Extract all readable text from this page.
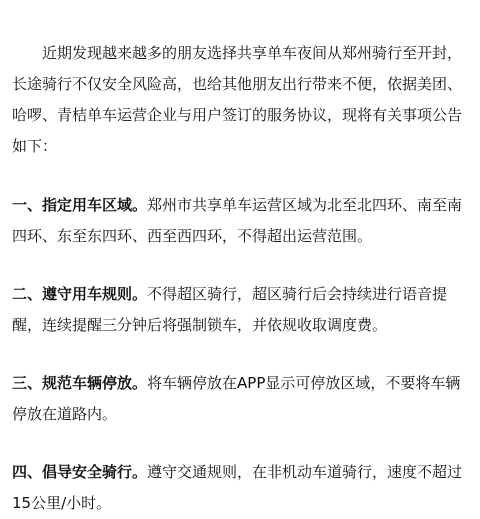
近期发现越来越多的朋友选择共享单车夜间从郑州骑行至开封，长途骑行不仅安全风险高，也给其他朋友出行带来不便，依据美团、哈啰、青桔单车运营企业与用户签订的服务协议，现将有关事项公告如下：

一、指定用车区域。郑州市共享单车运营区域为北至北四环、南至南四环、东至东四环、西至西四环，不得超出运营范围。

二、遵守用车规则。不得超区骑行，超区骑行后会持续进行语音提醒，连续提醒三分钟后将强制锁车，并依规收取调度费。

三、规范车辆停放。将车辆停放在APP显示可停放区域，不要将车辆停放在道路内。

四、倡导安全骑行。遵守交通规则，在非机动车道骑行，速度不超过15公里/小时。
